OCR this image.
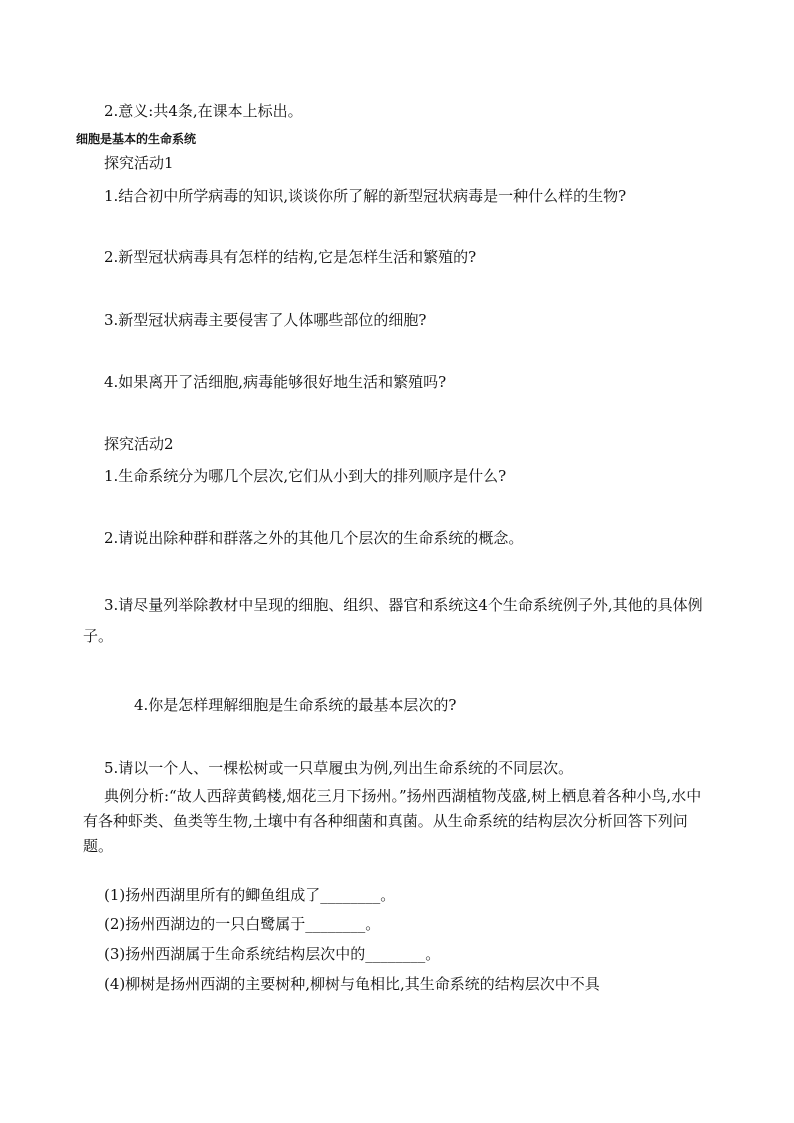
2.意义:共4条,在课本上标出。
细胞是基本的生命系统
探究活动1
1.结合初中所学病毒的知识,谈谈你所了解的新型冠状病毒是一种什么样的生物?
2.新型冠状病毒具有怎样的结构,它是怎样生活和繁殖的?
3.新型冠状病毒主要侵害了人体哪些部位的细胞?
4.如果离开了活细胞,病毒能够很好地生活和繁殖吗?
探究活动2
1.生命系统分为哪几个层次,它们从小到大的排列顺序是什么?
2.请说出除种群和群落之外的其他几个层次的生命系统的概念。
3.请尽量列举除教材中呈现的细胞、组织、器官和系统这4个生命系统例子外,其他的具体例子。
4.你是怎样理解细胞是生命系统的最基本层次的?
5.请以一个人、一棵松树或一只草履虫为例,列出生命系统的不同层次。
典例分析:“故人西辞黄鹤楼,烟花三月下扬州。”扬州西湖植物茂盛,树上栖息着各种小鸟,水中有各种虾类、鱼类等生物,土壤中有各种细菌和真菌。从生命系统的结构层次分析回答下列问题。
(1)扬州西湖里所有的鲫鱼组成了________。
(2)扬州西湖边的一只白鹭属于________。
(3)扬州西湖属于生命系统结构层次中的________。
(4)柳树是扬州西湖的主要树种,柳树与龟相比,其生命系统的结构层次中不具
